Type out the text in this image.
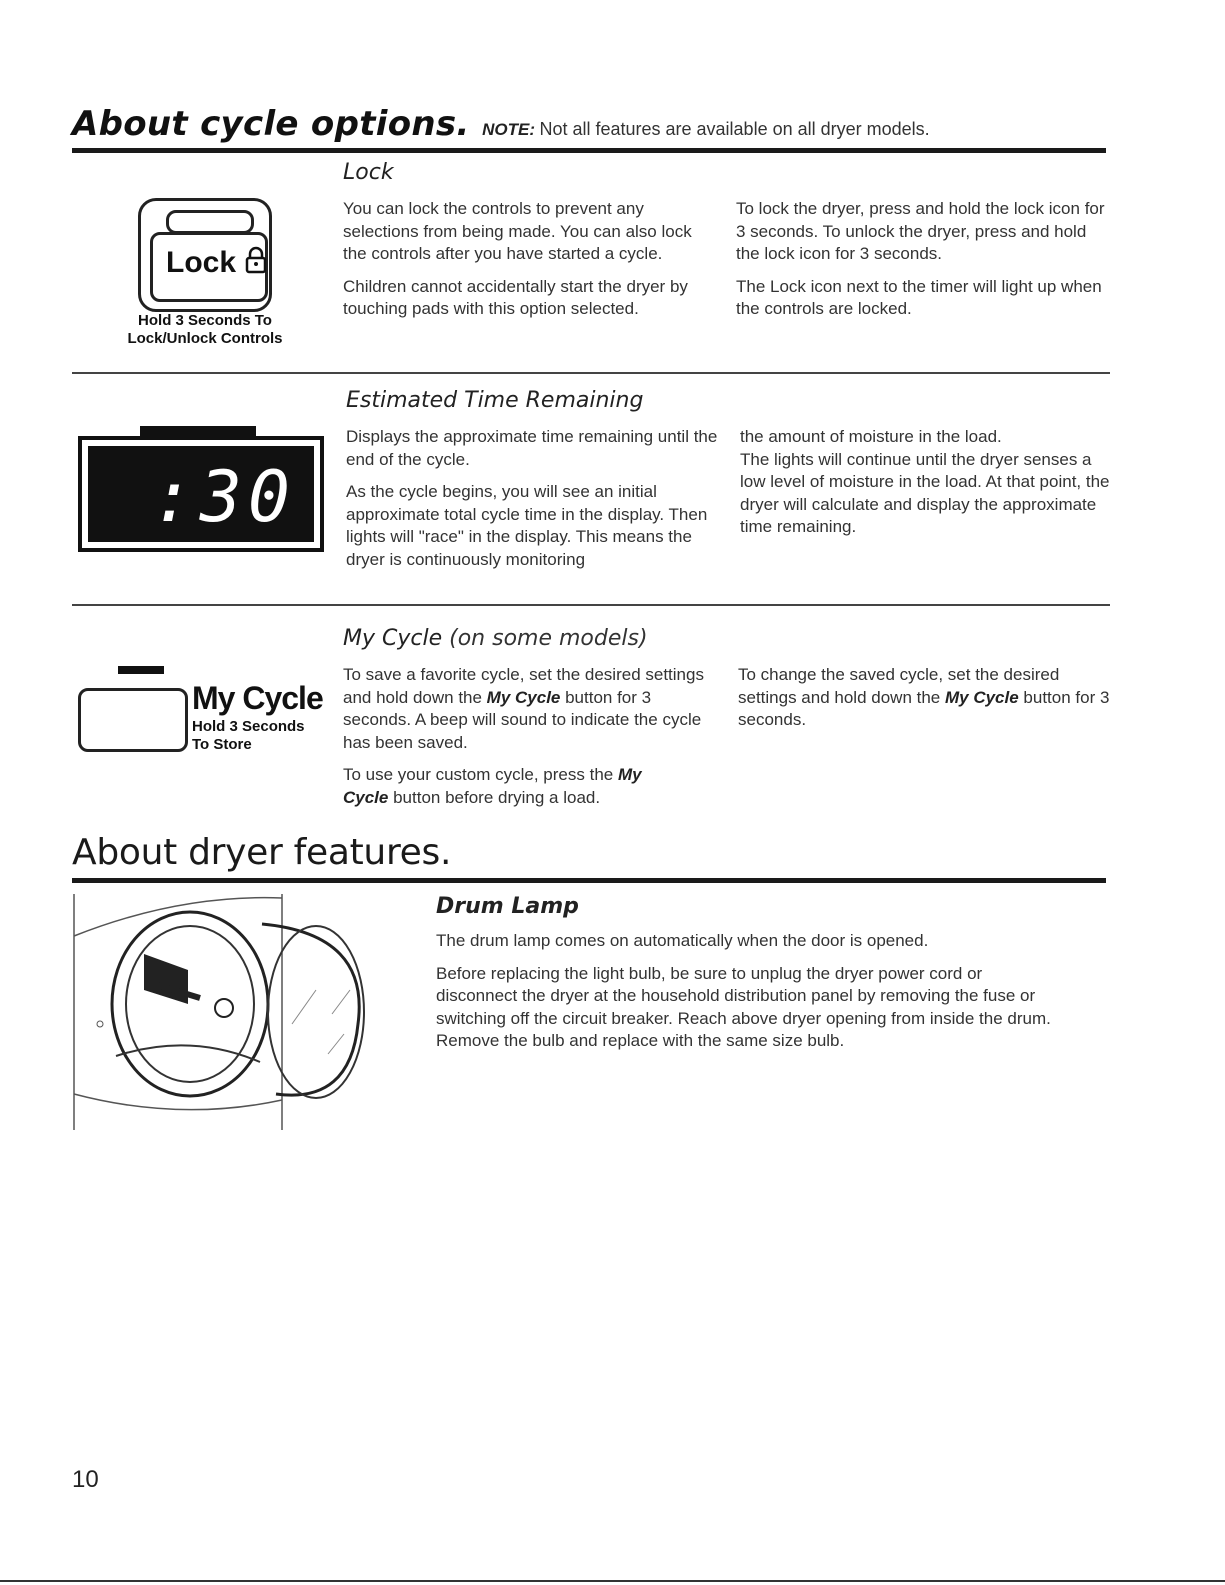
About cycle options. NOTE: Not all features are available on all dryer models.
Lock
Hold 3 Seconds To
Lock/Unlock Controls
Lock

You can lock the controls to prevent any selections from being made. You can also lock the controls after you have started a cycle.

Children cannot accidentally start the dryer by touching pads with this option selected.

To lock the dryer, press and hold the lock icon for 3 seconds. To unlock the dryer, press and hold the lock icon for 3 seconds.

The Lock icon next to the timer will light up when the controls are locked.

:30
Estimated Time Remaining

Displays the approximate time remaining until the end of the cycle.

As the cycle begins, you will see an initial approximate total cycle time in the display. Then lights will "race" in the display. This means the dryer is continuously monitoring

the amount of moisture in the load.

The lights will continue until the dryer senses a low level of moisture in the load. At that point, the dryer will calculate and display the approximate time remaining.

My Cycle
Hold 3 Seconds
To Store
My Cycle (on some models)

To save a favorite cycle, set the desired settings and hold down the My Cycle button for 3 seconds. A beep will sound to indicate the cycle has been saved.

To use your custom cycle, press the My Cycle button before drying a load.

To change the saved cycle, set the desired settings and hold down the My Cycle button for 3 seconds.

About dryer features.
Drum Lamp

The drum lamp comes on automatically when the door is opened.

Before replacing the light bulb, be sure to unplug the dryer power cord or disconnect the dryer at the household distribution panel by removing the fuse or switching off the circuit breaker. Reach above dryer opening from inside the drum. Remove the bulb and replace with the same size bulb.

10
